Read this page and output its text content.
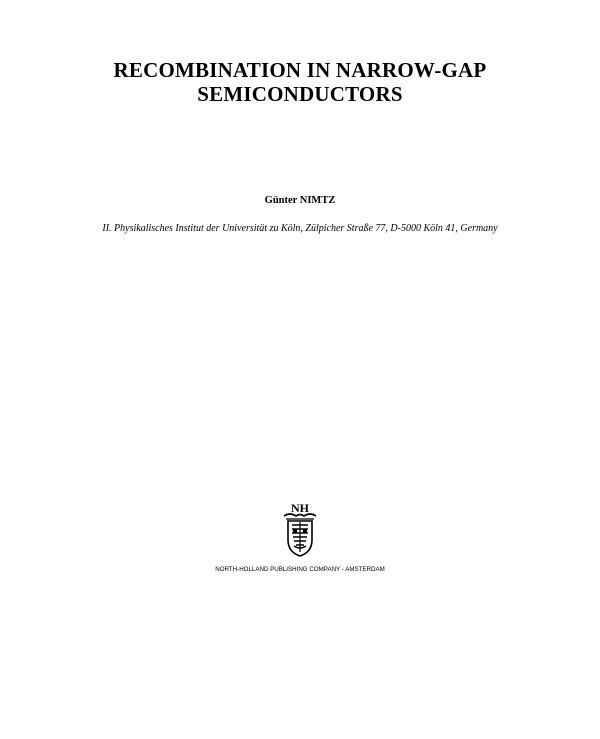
RECOMBINATION IN NARROW-GAP
SEMICONDUCTORS
Günter NIMTZ
II. Physikalisches Institut der Universität zu Köln, Zülpicher Straße 77, D-5000 Köln 41, Germany
NH
NORTH-HOLLAND PUBLISHING COMPANY - AMSTERDAM
